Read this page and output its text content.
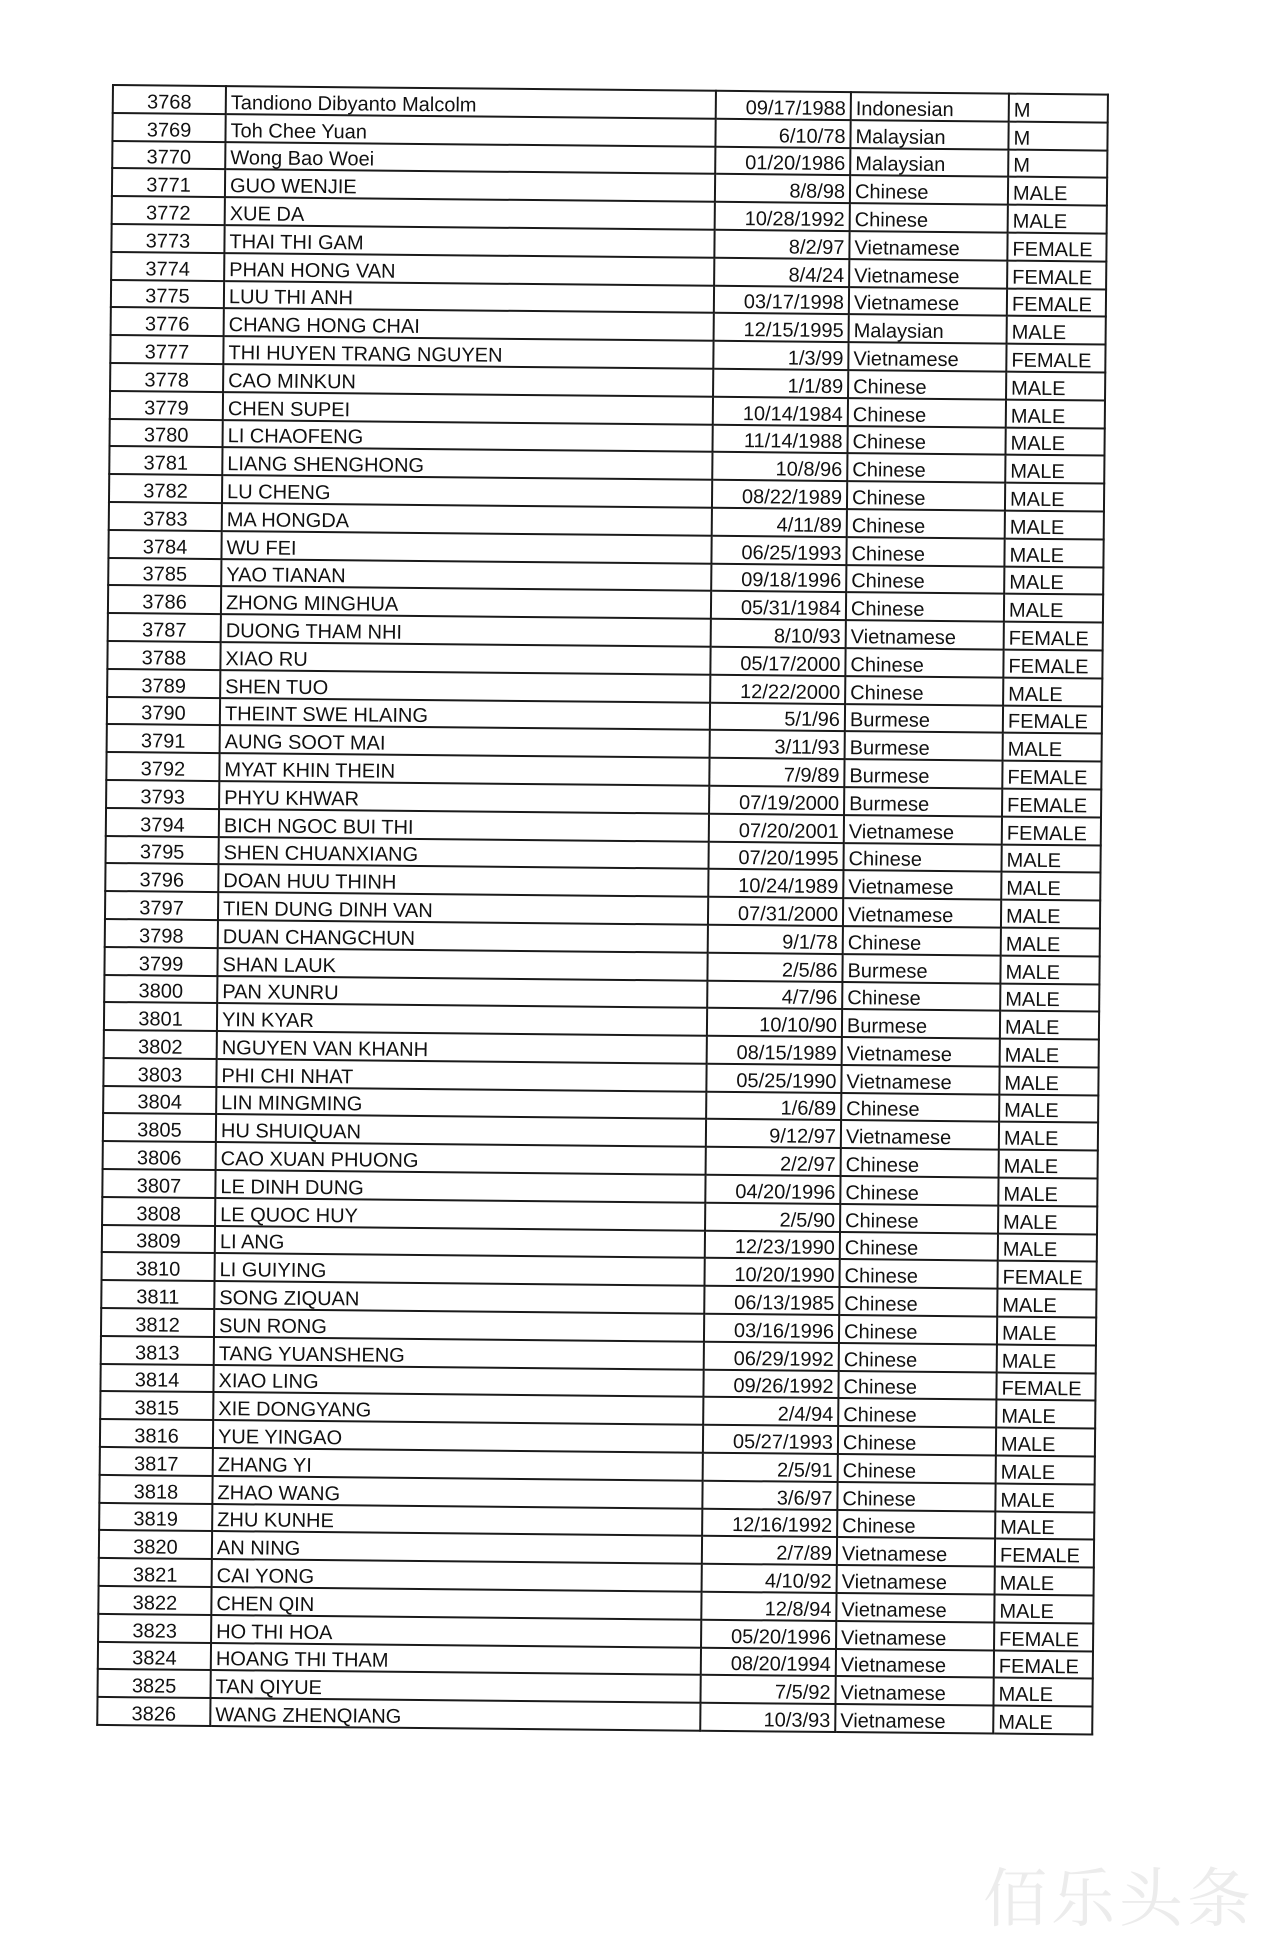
3768	Tandiono Dibyanto Malcolm	09/17/1988	Indonesian	M
3769	Toh Chee Yuan	6/10/78	Malaysian	M
3770	Wong Bao Woei	01/20/1986	Malaysian	M
3771	GUO WENJIE	8/8/98	Chinese	MALE
3772	XUE DA	10/28/1992	Chinese	MALE
3773	THAI THI GAM	8/2/97	Vietnamese	FEMALE
3774	PHAN HONG VAN	8/4/24	Vietnamese	FEMALE
3775	LUU THI ANH	03/17/1998	Vietnamese	FEMALE
3776	CHANG HONG CHAI	12/15/1995	Malaysian	MALE
3777	THI HUYEN TRANG NGUYEN	1/3/99	Vietnamese	FEMALE
3778	CAO MINKUN	1/1/89	Chinese	MALE
3779	CHEN SUPEI	10/14/1984	Chinese	MALE
3780	LI CHAOFENG	11/14/1988	Chinese	MALE
3781	LIANG SHENGHONG	10/8/96	Chinese	MALE
3782	LU CHENG	08/22/1989	Chinese	MALE
3783	MA HONGDA	4/11/89	Chinese	MALE
3784	WU FEI	06/25/1993	Chinese	MALE
3785	YAO TIANAN	09/18/1996	Chinese	MALE
3786	ZHONG MINGHUA	05/31/1984	Chinese	MALE
3787	DUONG THAM NHI	8/10/93	Vietnamese	FEMALE
3788	XIAO RU	05/17/2000	Chinese	FEMALE
3789	SHEN TUO	12/22/2000	Chinese	MALE
3790	THEINT SWE HLAING	5/1/96	Burmese	FEMALE
3791	AUNG SOOT MAI	3/11/93	Burmese	MALE
3792	MYAT KHIN THEIN	7/9/89	Burmese	FEMALE
3793	PHYU KHWAR	07/19/2000	Burmese	FEMALE
3794	BICH NGOC BUI THI	07/20/2001	Vietnamese	FEMALE
3795	SHEN CHUANXIANG	07/20/1995	Chinese	MALE
3796	DOAN HUU THINH	10/24/1989	Vietnamese	MALE
3797	TIEN DUNG DINH VAN	07/31/2000	Vietnamese	MALE
3798	DUAN CHANGCHUN	9/1/78	Chinese	MALE
3799	SHAN LAUK	2/5/86	Burmese	MALE
3800	PAN XUNRU	4/7/96	Chinese	MALE
3801	YIN KYAR	10/10/90	Burmese	MALE
3802	NGUYEN VAN KHANH	08/15/1989	Vietnamese	MALE
3803	PHI CHI NHAT	05/25/1990	Vietnamese	MALE
3804	LIN MINGMING	1/6/89	Chinese	MALE
3805	HU SHUIQUAN	9/12/97	Vietnamese	MALE
3806	CAO XUAN PHUONG	2/2/97	Chinese	MALE
3807	LE DINH DUNG	04/20/1996	Chinese	MALE
3808	LE QUOC HUY	2/5/90	Chinese	MALE
3809	LI ANG	12/23/1990	Chinese	MALE
3810	LI GUIYING	10/20/1990	Chinese	FEMALE
3811	SONG ZIQUAN	06/13/1985	Chinese	MALE
3812	SUN RONG	03/16/1996	Chinese	MALE
3813	TANG YUANSHENG	06/29/1992	Chinese	MALE
3814	XIAO LING	09/26/1992	Chinese	FEMALE
3815	XIE DONGYANG	2/4/94	Chinese	MALE
3816	YUE YINGAO	05/27/1993	Chinese	MALE
3817	ZHANG YI	2/5/91	Chinese	MALE
3818	ZHAO WANG	3/6/97	Chinese	MALE
3819	ZHU KUNHE	12/16/1992	Chinese	MALE
3820	AN NING	2/7/89	Vietnamese	FEMALE
3821	CAI YONG	4/10/92	Vietnamese	MALE
3822	CHEN QIN	12/8/94	Vietnamese	MALE
3823	HO THI HOA	05/20/1996	Vietnamese	FEMALE
3824	HOANG THI THAM	08/20/1994	Vietnamese	FEMALE
3825	TAN QIYUE	7/5/92	Vietnamese	MALE
3826	WANG ZHENQIANG	10/3/93	Vietnamese	MALE
佰乐头条
